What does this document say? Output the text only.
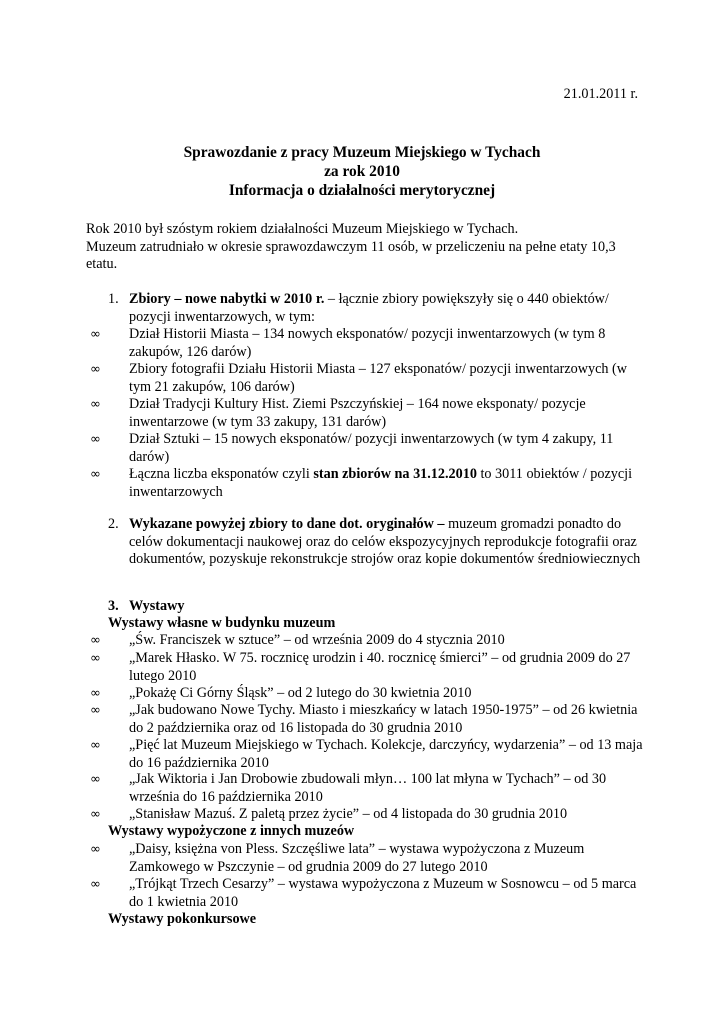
21.01.2011 r.
Sprawozdanie z pracy Muzeum Miejskiego w Tychach
za rok 2010
Informacja o działalności merytorycznej
Rok 2010 był szóstym rokiem działalności Muzeum Miejskiego w Tychach.
Muzeum zatrudniało w okresie sprawozdawczym 11 osób, w przeliczeniu na pełne etaty 10,3 etatu.
1. Zbiory – nowe nabytki w 2010 r. – łącznie zbiory powiększyły się o 440 obiektów/ pozycji inwentarzowych, w tym:
∞ Dział Historii Miasta – 134 nowych eksponatów/ pozycji inwentarzowych (w tym 8 zakupów, 126 darów)
∞ Zbiory fotografii Działu Historii Miasta – 127 eksponatów/ pozycji inwentarzowych (w tym 21 zakupów, 106 darów)
∞ Dział Tradycji Kultury Hist. Ziemi Pszczyńskiej – 164 nowe eksponaty/ pozycje inwentarzowe (w tym 33 zakupy, 131 darów)
∞ Dział Sztuki – 15 nowych eksponatów/ pozycji inwentarzowych (w tym 4 zakupy, 11 darów)
∞ Łączna liczba eksponatów czyli stan zbiorów na 31.12.2010 to 3011 obiektów / pozycji inwentarzowych
2. Wykazane powyżej zbiory to dane dot. oryginałów – muzeum gromadzi ponadto do celów dokumentacji naukowej oraz do celów ekspozycyjnych reprodukcje fotografii oraz dokumentów, pozyskuje rekonstrukcje strojów oraz kopie dokumentów średniowiecznych
3. Wystawy
Wystawy własne w budynku muzeum
∞ „Św. Franciszek w sztuce” – od września 2009 do 4 stycznia 2010
∞ „Marek Hłasko. W 75. rocznicę urodzin i 40. rocznicę śmierci” – od grudnia 2009 do 27 lutego 2010
∞ „Pokażę Ci Górny Śląsk” – od 2 lutego do 30 kwietnia 2010
∞ „Jak budowano Nowe Tychy. Miasto i mieszkańcy w latach 1950-1975” – od 26 kwietnia do 2 października oraz od 16 listopada do 30 grudnia 2010
∞ „Pięć lat Muzeum Miejskiego w Tychach. Kolekcje, darczyńcy, wydarzenia” – od 13 maja do 16 października 2010
∞ „Jak Wiktoria i Jan Drobowie zbudowali młyn… 100 lat młyna w Tychach” – od 30 września do 16 października 2010
∞ „Stanisław Mazuś. Z paletą przez życie” – od 4 listopada do 30 grudnia 2010
Wystawy wypożyczone z innych muzeów
∞ „Daisy, księżna von Pless. Szczęśliwe lata” – wystawa wypożyczona z Muzeum Zamkowego w Pszczynie – od grudnia 2009 do 27 lutego 2010
∞ „Trójkąt Trzech Cesarzy” – wystawa wypożyczona z Muzeum w Sosnowcu – od 5 marca do 1 kwietnia 2010
Wystawy pokonkursowe
